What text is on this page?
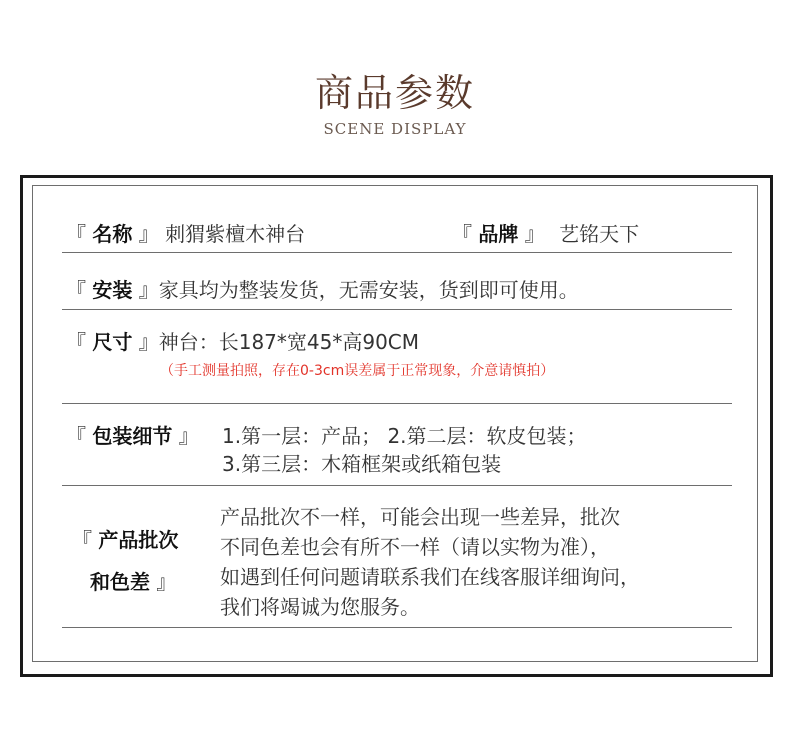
商品参数
SCENE DISPLAY
『 名称 』 刺猬紫檀木神台	『 品牌 』 艺铭天下
『 安装 』家具均为整装发货，无需安装，货到即可使用。
『 尺寸 』神台：长187*宽45*高90CM
（手工测量拍照，存在0-3cm误差属于正常现象，介意请慎拍）
『 包装细节 』 1.第一层：产品； 2.第二层：软皮包装；
3.第三层：木箱框架或纸箱包装
『 产品批次
和色差 』
产品批次不一样，可能会出现一些差异，批次
不同色差也会有所不一样（请以实物为准），
如遇到任何问题请联系我们在线客服详细询问，
我们将竭诚为您服务。
